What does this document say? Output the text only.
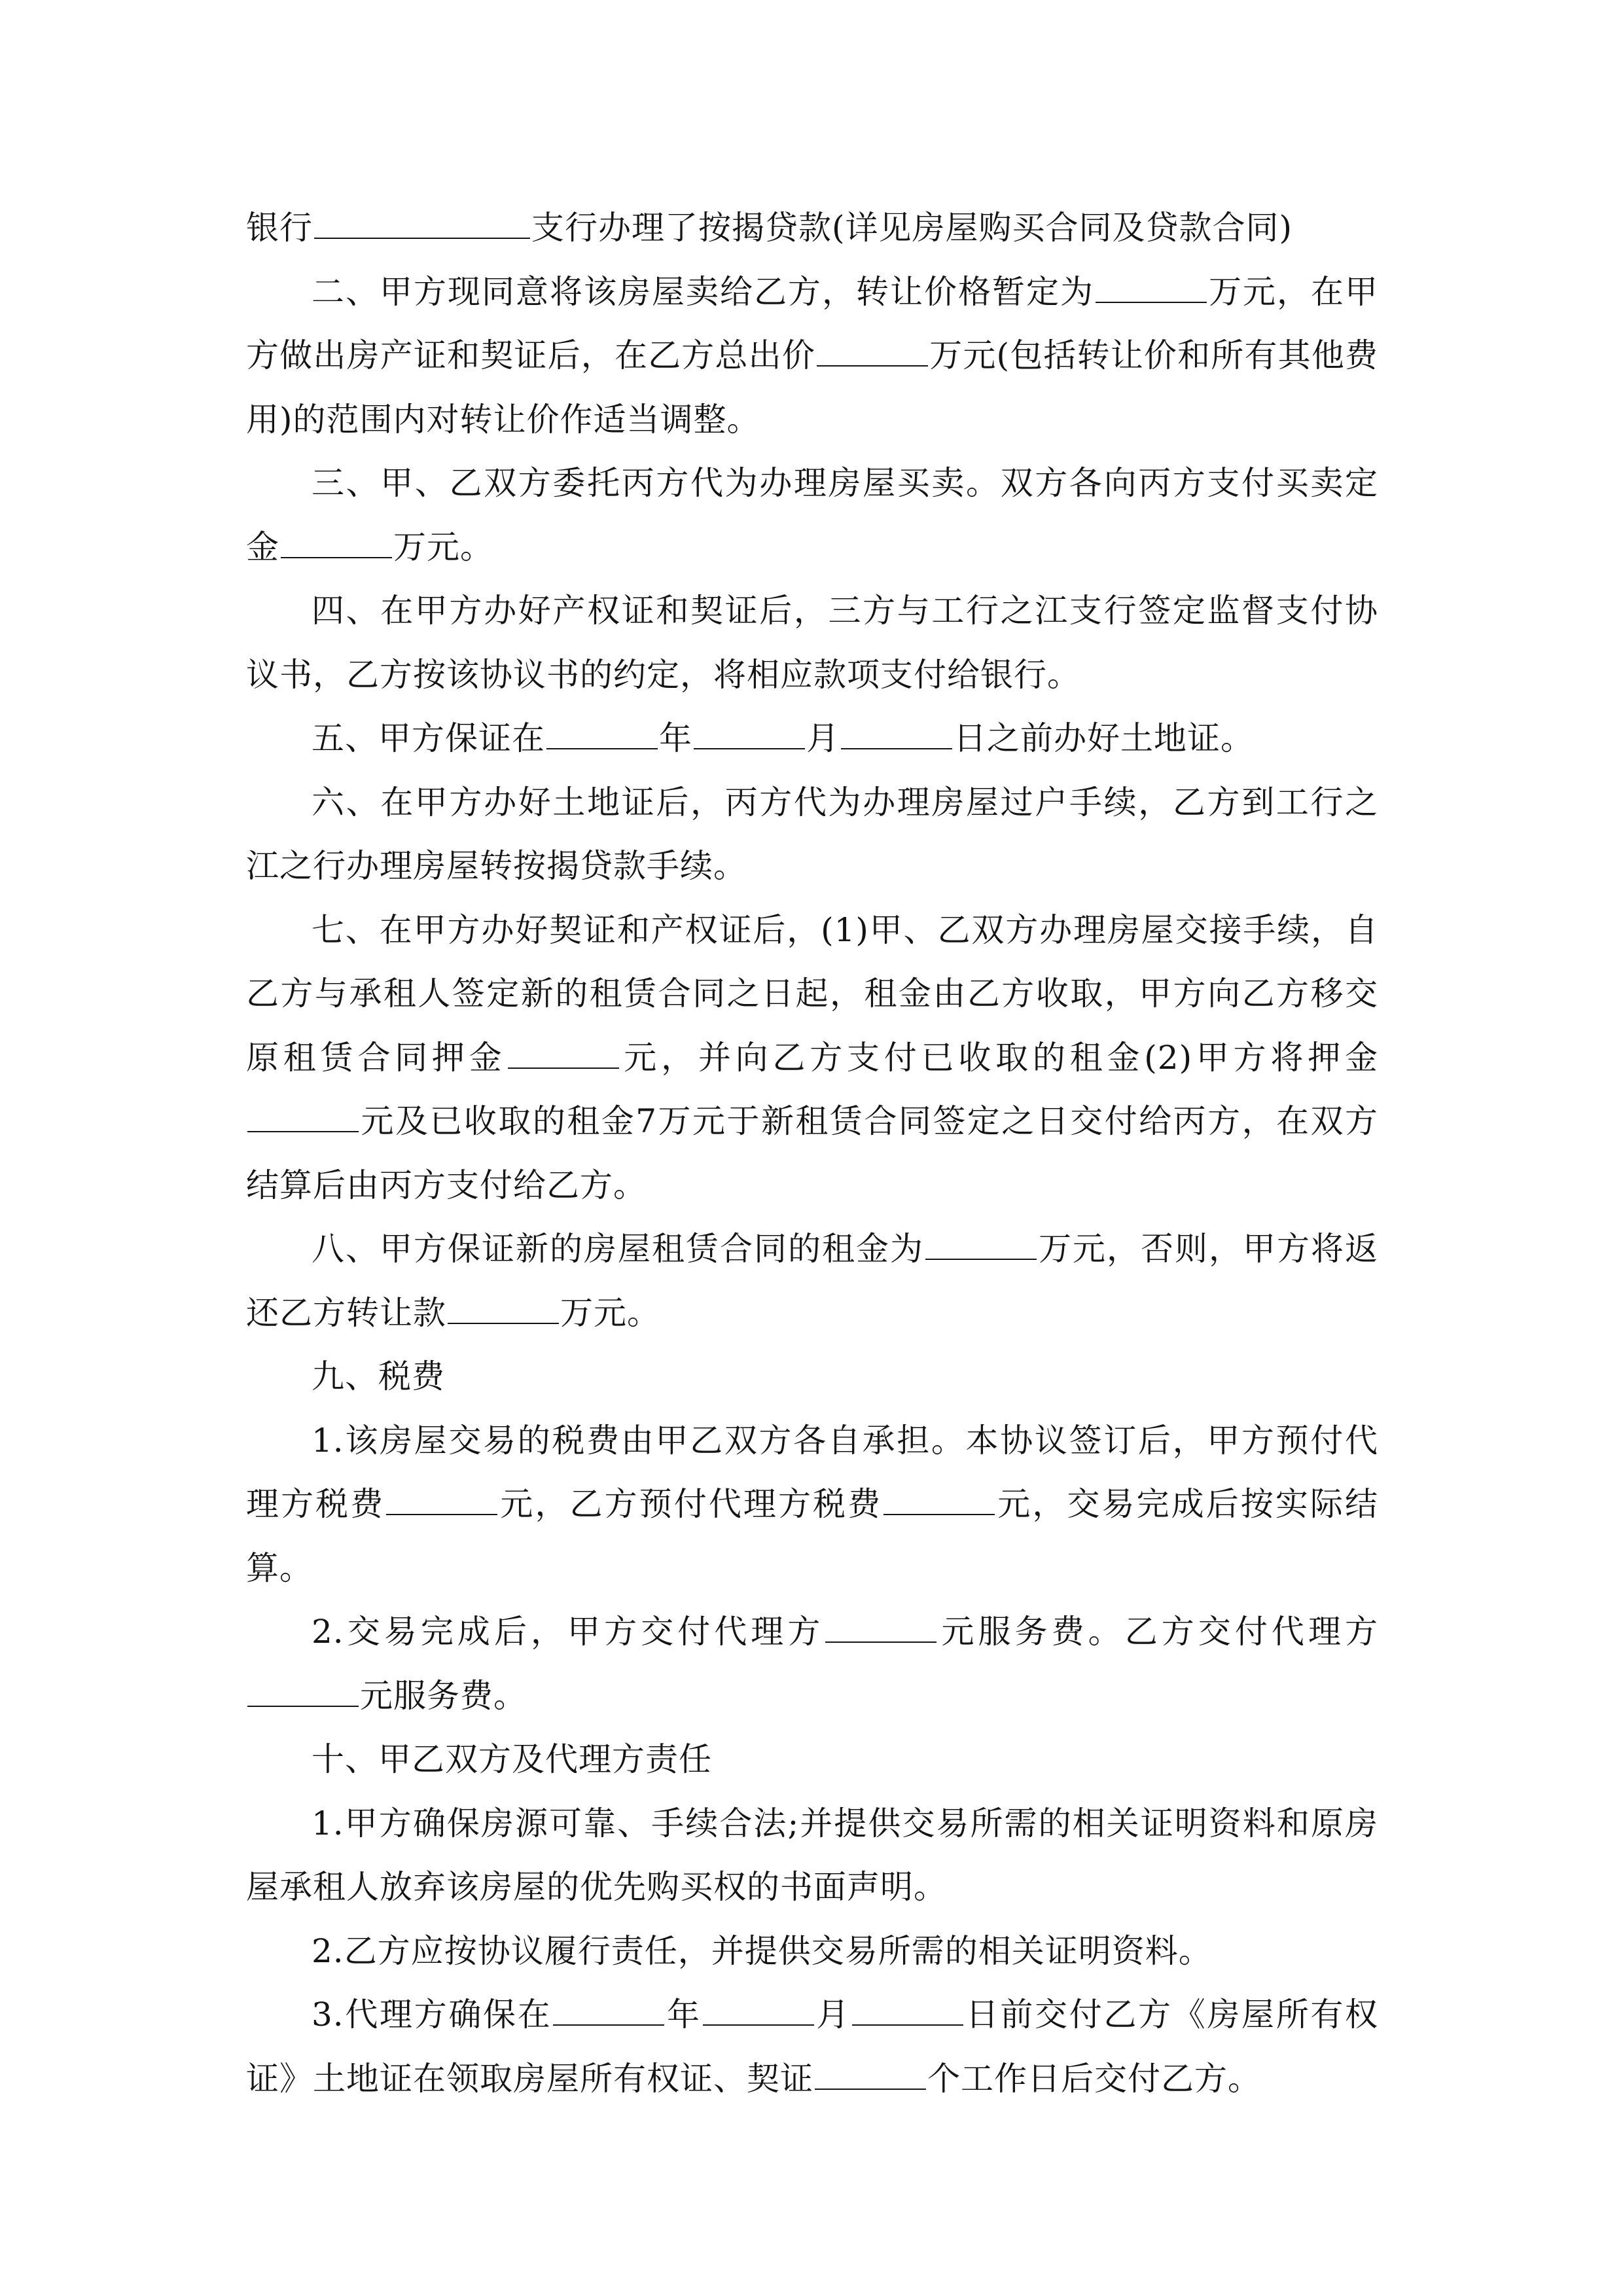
银行	支行办理了按揭贷款(详见房屋购买合同及贷款合同)

二、甲方现同意将该房屋卖给乙方，转让价格暂定为	万元，在甲方做出房产证和契证后，在乙方总出价	万元(包括转让价和所有其他费用)的范围内对转让价作适当调整。

三、甲、乙双方委托丙方代为办理房屋买卖。双方各向丙方支付买卖定金	万元。

四、在甲方办好产权证和契证后，三方与工行之江支行签定监督支付协议书，乙方按该协议书的约定，将相应款项支付给银行。

五、甲方保证在	年	月	日之前办好土地证。

六、在甲方办好土地证后，丙方代为办理房屋过户手续，乙方到工行之江之行办理房屋转按揭贷款手续。

七、在甲方办好契证和产权证后，(1)甲、乙双方办理房屋交接手续，自乙方与承租人签定新的租赁合同之日起，租金由乙方收取，甲方向乙方移交原租赁合同押金	元，并向乙方支付已收取的租金(2)甲方将押金元及已收取的租金7万元于新租赁合同签定之日交付给丙方，在双方结算后由丙方支付给乙方。

八、甲方保证新的房屋租赁合同的租金为	万元，否则，甲方将返还乙方转让款	万元。

九、税费

1.该房屋交易的税费由甲乙双方各自承担。本协议签订后，甲方预付代理方税费	元，乙方预付代理方税费	元，交易完成后按实际结算。

2.交易完成后，甲方交付代理方	元服务费。乙方交付代理方元服务费。

十、甲乙双方及代理方责任

1.甲方确保房源可靠、手续合法;并提供交易所需的相关证明资料和原房屋承租人放弃该房屋的优先购买权的书面声明。

2.乙方应按协议履行责任，并提供交易所需的相关证明资料。

3.代理方确保在	年	月	日前交付乙方《房屋所有权证》土地证在领取房屋所有权证、契证	个工作日后交付乙方。
